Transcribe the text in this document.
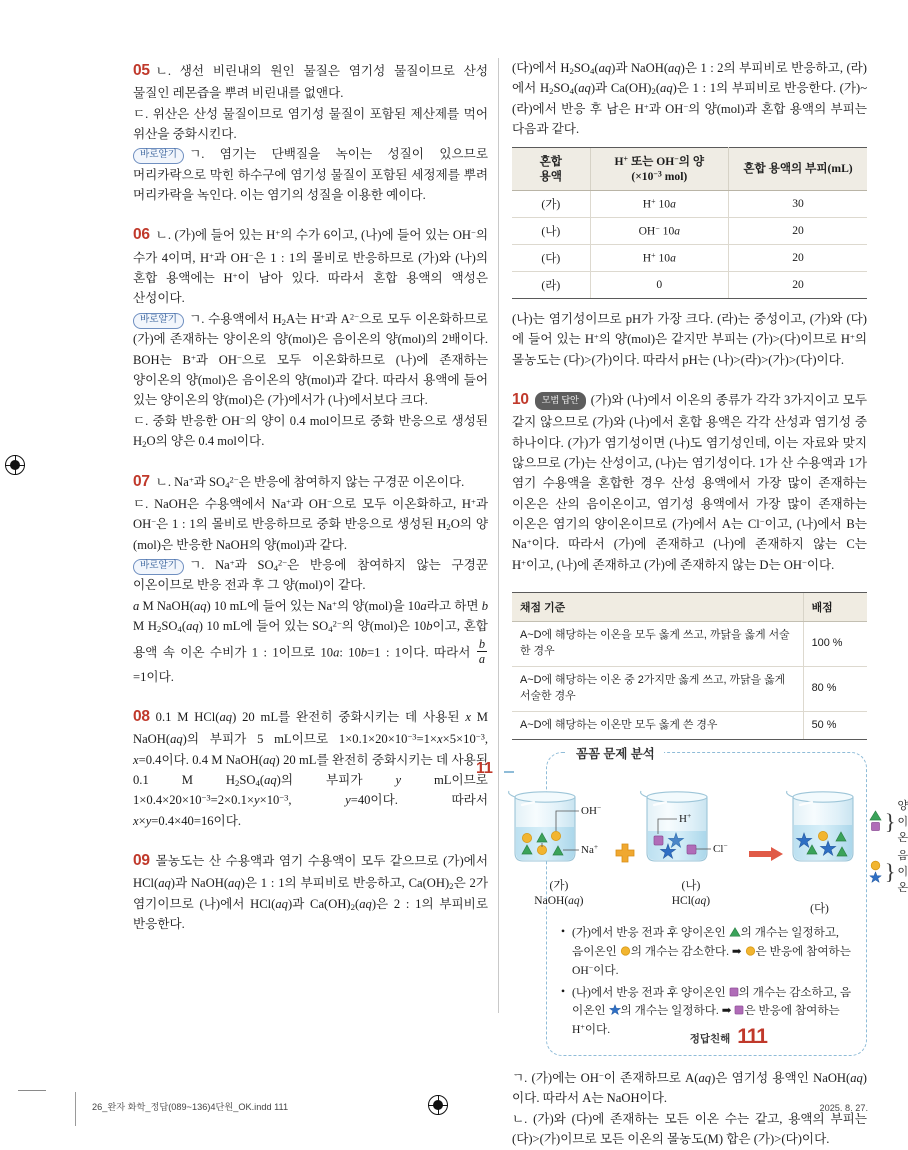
05 ㄴ. 생선 비린내의 원인 물질은 염기성 물질이므로 산성 물질인 레몬즙을 뿌려 비린내를 없앤다.

ㄷ. 위산은 산성 물질이므로 염기성 물질이 포함된 제산제를 먹어 위산을 중화시킨다.

바로알기 ㄱ. 염기는 단백질을 녹이는 성질이 있으므로 머리카락으로 막힌 하수구에 염기성 물질이 포함된 세정제를 뿌려 머리카락을 녹인다. 이는 염기의 성질을 이용한 예이다.

06 ㄴ. (가)에 들어 있는 H+의 수가 6이고, (나)에 들어 있는 OH−의 수가 4이며, H+과 OH−은 1 : 1의 몰비로 반응하므로 (가)와 (나)의 혼합 용액에는 H+이 남아 있다. 따라서 혼합 용액의 액성은 산성이다.

바로알기 ㄱ. 수용액에서 $H_2A$는 H+과 $A^{2-}$으로 모두 이온화하므로 (가)에 존재하는 양이온의 양(mol)은 음이온의 양(mol)의 2배이다. BOH는 B+과 OH−으로 모두 이온화하므로 (나)에 존재하는 양이온의 양(mol)은 음이온의 양(mol)과 같다. 따라서 용액에 들어 있는 양이온의 양(mol)은 (가)에서가 (나)에서보다 크다.

ㄷ. 중화 반응한 OH−의 양이 0.4 mol이므로 중화 반응으로 생성된 $H_2O$의 양은 0.4 mol이다.

07 ㄴ. Na+과 $SO_4^{2-}$은 반응에 참여하지 않는 구경꾼 이온이다.

ㄷ. NaOH은 수용액에서 Na+과 OH−으로 모두 이온화하고, H+과 OH−은 1 : 1의 몰비로 반응하므로 중화 반응으로 생성된 $H_2O$의 양(mol)은 반응한 NaOH의 양(mol)과 같다.

바로알기 ㄱ. Na+과 $SO_4^{2-}$은 반응에 참여하지 않는 구경꾼 이온이므로 반응 전과 후 그 양(mol)이 같다.

a M NaOH(aq) 10 mL에 들어 있는 Na+의 양(mol)을 10a라고 하면 b M $H_2SO_4(aq)$ 10 mL에 들어 있는 $SO_4^{2-}$의 양(mol)은 10b이고, 혼합 용액 속 이온 수비가 1 : 1이므로 10a: 10b=1 : 1이다. 따라서 $\frac{b}{a}$
=1이다.

08 0.1 M HCl(aq) 20 mL를 완전히 중화시키는 데 사용된 x M NaOH(aq)의 부피가 5 mL이므로 $1\times 0.1\times 20\times 10^{-3}=1\times x\times 5\times 10^{-3}$, x=0.4이다. 0.4 M NaOH(aq) 20 mL를 완전히 중화시키는 데 사용된 0.1 M $H_2SO_4(aq)$의 부피가	y	mL이므로 $1\times 0.4\times 20\times 10^{-3}=2\times 0.1\times y\times 10^{-3}$,	y=40이다. 따라서 x×y=0.4×40=16이다.

09 몰농도는 산 수용액과 염기 수용액이 모두 같으므로 (가)에서 HCl(aq)과 NaOH(aq)은 1 : 1의 부피비로 반응하고, $Ca(OH)_2$은 2가 염기이므로 (나)에서 HCl(aq)과 $Ca(OH)_2(aq)$은 2 : 1의 부피비로 반응한다.

(다)에서 $H_2SO_4(aq)$과 NaOH(aq)은 1 : 2의 부피비로 반응하고, (라)에서 $H_2SO_4(aq)$과 $Ca(OH)_2(aq)$은 1 : 1의 부피비로 반응한다. (가)~(라)에서 반응 후 남은 H+과 OH−의 양(mol)과 혼합 용액의 부피는 다음과 같다.

혼합
용액	H+ 또는 OH−의 양
($\times 10^{-3}$ mol)	혼합 용액의 부피(mL)
(가)	H+ 10a	30
(나)	OH− 10a	20
(다)	H+ 10a	20
(라)	0	20

(나)는 염기성이므로 pH가 가장 크다. (라)는 중성이고, (가)와 (다)에 들어 있는 H+의 양(mol)은 같지만 부피는 (가)>(다)이므로 H+의 몰농도는 (다)>(가)이다. 따라서 pH는 (나)>(라)>(가)>(다)이다.

10 모범 답안 (가)와 (나)에서 이온의 종류가 각각 3가지이고 모두 같지 않으므로 (가)와 (나)에서 혼합 용액은 각각 산성과 염기성 중 하나이다. (가)가 염기성이면 (나)도 염기성인데, 이는 자료와 맞지 않으므로 (가)는 산성이고, (나)는 염기성이다. 1가 산 수용액과 1가 염기 수용액을 혼합한 경우 산성 용액에서 가장 많이 존재하는 이온은 산의 음이온이고, 염기성 용액에서 가장 많이 존재하는 이온은 염기의 양이온이므로 (가)에서 A는 Cl−이고, (나)에서 B는 Na+이다. 따라서 (가)에 존재하고 (나)에 존재하지 않는 C는 H+이고, (나)에 존재하고 (가)에 존재하지 않는 D는 OH−이다.

채점 기준	배점
A~D에 해당하는 이온을 모두 옳게 쓰고, 까닭을 옳게 서술한 경우	100 %
A~D에 해당하는 이온 중 2가지만 옳게 쓰고, 까닭을 옳게 서술한 경우	80 %
A~D에 해당하는 이온만 모두 옳게 쓴 경우	50 %
11
꼼꼼 문제 분석
OH−
Na+
(가)
NaOH(aq)
H+
Cl−
(나)
HCl(aq)
}
양이온
}
음이온
(다)
• (가)에서 반응 전과 후 양이온인 의 개수는 일정하고, 음이온인 의 개수는 감소한다. ➡ 은 반응에 참여하는 OH−이다.
• (나)에서 반응 전과 후 양이온인 의 개수는 감소하고, 음이온인 의 개수는 일정하다. ➡ 은 반응에 참여하는 H+이다.

ㄱ. (가)에는 OH−이 존재하므로 A(aq)은 염기성 용액인 NaOH(aq)이다. 따라서 A는 NaOH이다.

ㄴ. (가)와 (다)에 존재하는 모든 이온 수는 같고, 용액의 부피는 (다)>(가)이므로 모든 이온의 몰농도(M) 합은 (가)>(다)이다.

정답친해 111
26_완자 화학_정답(089~136)4단원_OK.indd 111	2025. 8. 27.
